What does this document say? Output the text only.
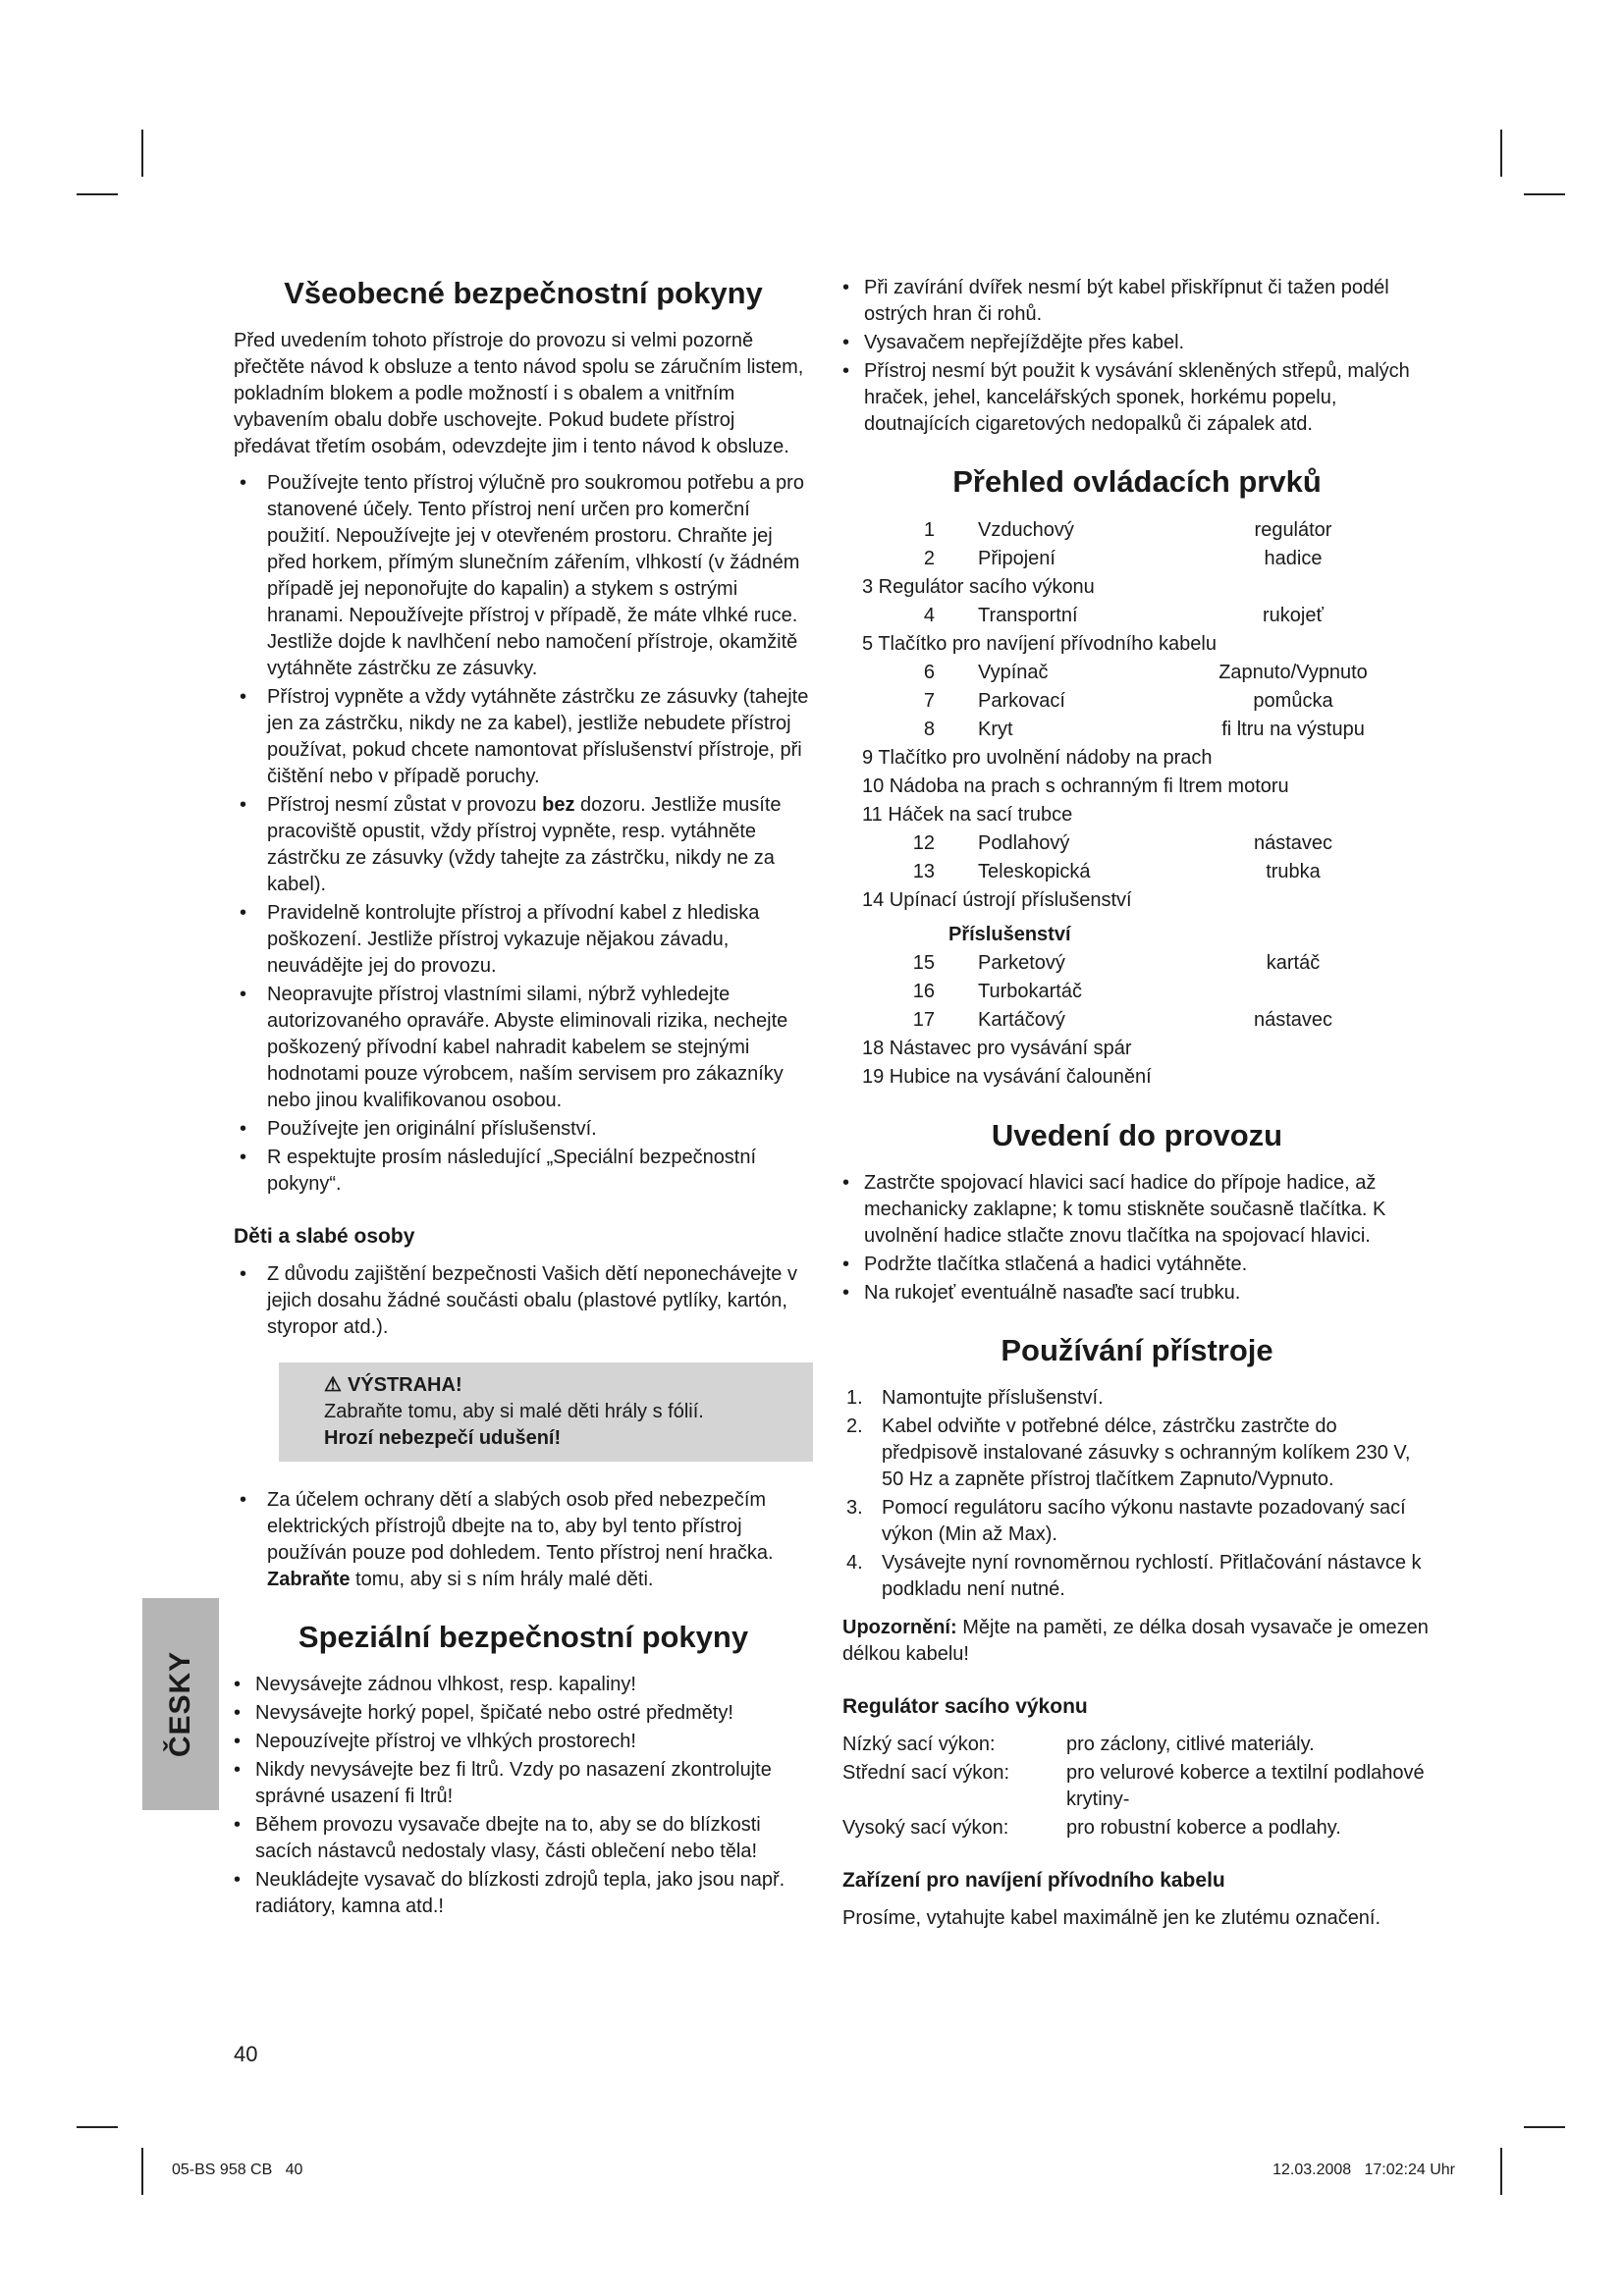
Všeobecné bezpečnostní pokyny

Před uvedením tohoto přístroje do provozu si velmi pozorně přečtěte návod k obsluze a tento návod spolu se záručním listem, pokladním blokem a podle možností i s obalem a vnitřním vybavením obalu dobře uschovejte. Pokud budete přístroj předávat třetím osobám, odevzdejte jim i tento návod k obsluze.

• Používejte tento přístroj výlučně pro soukromou potřebu a pro stanovené účely. Tento přístroj není určen pro komerční použití. Nepoužívejte jej v otevřeném prostoru. Chraňte jej před horkem, přímým slunečním zářením, vlhkostí (v žádném případě jej neponořujte do kapalin) a stykem s ostrými hranami. Nepoužívejte přístroj v případě, že máte vlhké ruce. Jestliže dojde k navlhčení nebo namočení přístroje, okamžitě vytáhněte zástrčku ze zásuvky.
• Přístroj vypněte a vždy vytáhněte zástrčku ze zásuvky (tahejte jen za zástrčku, nikdy ne za kabel), jestliže nebudete přístroj používat, pokud chcete namontovat příslušenství přístroje, při čištění nebo v případě poruchy.
• Přístroj nesmí zůstat v provozu bez dozoru. Jestliže musíte pracoviště opustit, vždy přístroj vypněte, resp. vytáhněte zástrčku ze zásuvky (vždy tahejte za zástrčku, nikdy ne za kabel).
• Pravidelně kontrolujte přístroj a přívodní kabel z hlediska poškození. Jestliže přístroj vykazuje nějakou závadu, neuvádějte jej do provozu.
• Neopravujte přístroj vlastními silami, nýbrž vyhledejte autorizovaného opraváře. Abyste eliminovali rizika, nechejte poškozený přívodní kabel nahradit kabelem se stejnými hodnotami pouze výrobcem, naším servisem pro zákazníky nebo jinou kvalifikovanou osobou.
• Používejte jen originální příslušenství.
• R espektujte prosím následující „Speciální bezpečnostní pokyny“.
Děti a slabé osoby
• Z důvodu zajištění bezpečnosti Vašich dětí neponechávejte v jejich dosahu žádné součásti obalu (plastové pytlíky, kartón, styropor atd.).
⚠ VÝSTRAHA!
Zabraňte tomu, aby si malé děti hrály s fólií.
Hrozí nebezpečí udušení!
• Za účelem ochrany dětí a slabých osob před nebezpečím elektrických přístrojů dbejte na to, aby byl tento přístroj používán pouze pod dohledem. Tento přístroj není hračka. Zabraňte tomu, aby si s ním hrály malé děti.
Speziální bezpečnostní pokyny
• Nevysávejte zádnou vlhkost, resp. kapaliny!
• Nevysávejte horký popel, špičaté nebo ostré předměty!
• Nepouzívejte přístroj ve vlhkých prostorech!
• Nikdy nevysávejte bez fi ltrů. Vzdy po nasazení zkontrolujte správné usazení fi ltrů!
• Během provozu vysavače dbejte na to, aby se do blízkosti sacích nástavců nedostaly vlasy, části oblečení nebo těla!
• Neukládejte vysavač do blízkosti zdrojů tepla, jako jsou např. radiátory, kamna atd.!
• Při zavírání dvířek nesmí být kabel přiskřípnut či tažen podél ostrých hran či rohů.
• Vysavačem nepřejíždějte přes kabel.
• Přístroj nesmí být použit k vysávání skleněných střepů, malých hraček, jehel, kancelářských sponek, horkému popelu, doutnajících cigaretových nedopalků či zápalek atd.
Přehled ovládacích prvků
1	Vzduchový	regulátor
2	Připojení	hadice
3 Regulátor sacího výkonu
4	Transportní	rukojeť
5 Tlačítko pro navíjení přívodního kabelu
6	Vypínač	Zapnuto/Vypnuto
7	Parkovací	pomůcka
8	Kryt	fi ltru na výstupu
9 Tlačítko pro uvolnění nádoby na prach
10 Nádoba na prach s ochranným fi ltrem motoru
11 Háček na sací trubce
12	Podlahový	nástavec
13	Teleskopická	trubka
14 Upínací ústrojí příslušenství
Příslušenství
15	Parketový	kartáč
16	Turbokartáč
17	Kartáčový	nástavec
18 Nástavec pro vysávání spár
19 Hubice na vysávání čalounění
Uvedení do provozu
• Zastrčte spojovací hlavici sací hadice do přípoje hadice, až mechanicky zaklapne; k tomu stiskněte současně tlačítka. K uvolnění hadice stlačte znovu tlačítka na spojovací hlavici.
• Podržte tlačítka stlačená a hadici vytáhněte.
• Na rukojeť eventuálně nasaďte sací trubku.
Používání přístroje
1. Namontujte příslušenství.
2. Kabel odviňte v potřebné délce, zástrčku zastrčte do předpisově instalované zásuvky s ochranným kolíkem 230 V, 50 Hz a zapněte přístroj tlačítkem Zapnuto/Vypnuto.
3. Pomocí regulátoru sacího výkonu nastavte pozadovaný sací výkon (Min až Max).
4. Vysávejte nyní rovnoměrnou rychlostí. Přitlačování nástavce k podkladu není nutné.

Upozornění: Mějte na paměti, ze délka dosah vysavače je omezen délkou kabelu!

Regulátor sacího výkonu
Nízký sací výkon:	pro záclony, citlivé materiály.
Střední sací výkon:	pro velurové koberce a textilní podlahové krytiny-
Vysoký sací výkon:	pro robustní koberce a podlahy.
Zařízení pro navíjení přívodního kabelu

Prosíme, vytahujte kabel maximálně jen ke zlutému označení.

ČESKY
40
05-BS 958 CB   40	12.03.2008   17:02:24 Uhr
